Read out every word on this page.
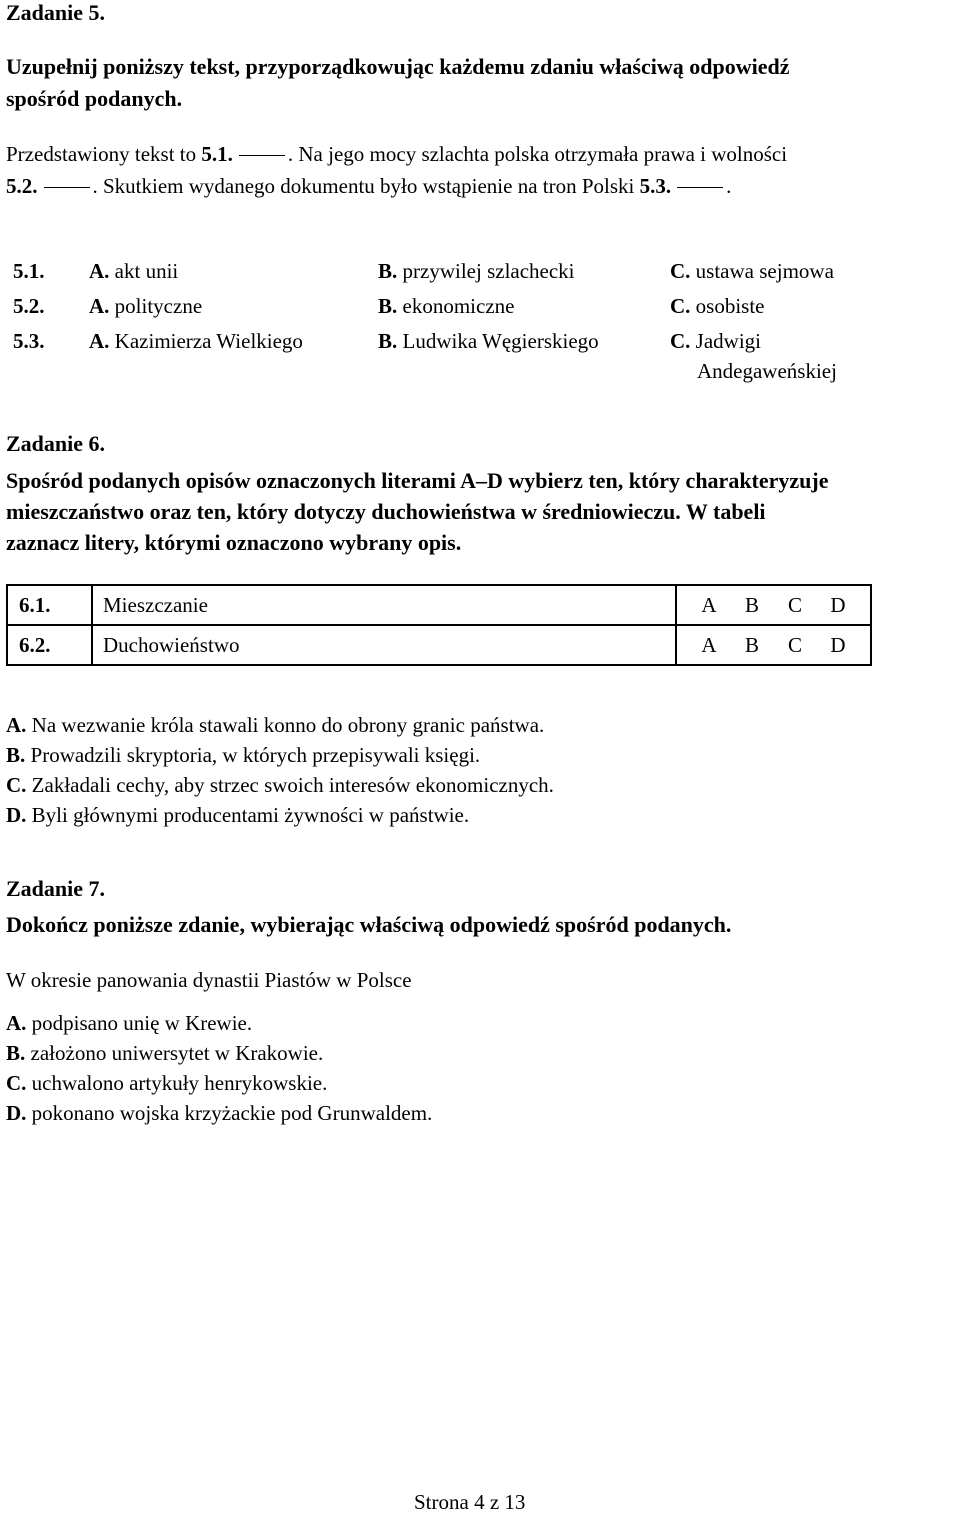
Zadanie 5.
Uzupełnij poniższy tekst, przyporządkowując każdemu zdaniu właściwą odpowiedź
spośród podanych.
Przedstawiony tekst to 5.1.	. Na jego mocy szlachta polska otrzymała prawa i wolności
5.2.	. Skutkiem wydanego dokumentu było wstąpienie na tron Polski 5.3.	.
5.1. A. akt unii	B. przywilej szlachecki	C. ustawa sejmowa
5.2. A. polityczne	B. ekonomiczne	C. osobiste
5.3. A. Kazimierza Wielkiego	B. Ludwika Węgierskiego	C. Jadwigi
Andegaweńskiej
Zadanie 6.
Spośród podanych opisów oznaczonych literami A–D wybierz ten, który charakteryzuje
mieszczaństwo oraz ten, który dotyczy duchowieństwa w średniowieczu. W tabeli
zaznacz litery, którymi oznaczono wybrany opis.
6.1.	Mieszczanie	A B C D
6.2.	Duchowieństwo	A B C D
A. Na wezwanie króla stawali konno do obrony granic państwa.
B. Prowadzili skryptoria, w których przepisywali księgi.
C. Zakładali cechy, aby strzec swoich interesów ekonomicznych.
D. Byli głównymi producentami żywności w państwie.
Zadanie 7.
Dokończ poniższe zdanie, wybierając właściwą odpowiedź spośród podanych.
W okresie panowania dynastii Piastów w Polsce
A. podpisano unię w Krewie.
B. założono uniwersytet w Krakowie.
C. uchwalono artykuły henrykowskie.
D. pokonano wojska krzyżackie pod Grunwaldem.
Strona 4 z 13
